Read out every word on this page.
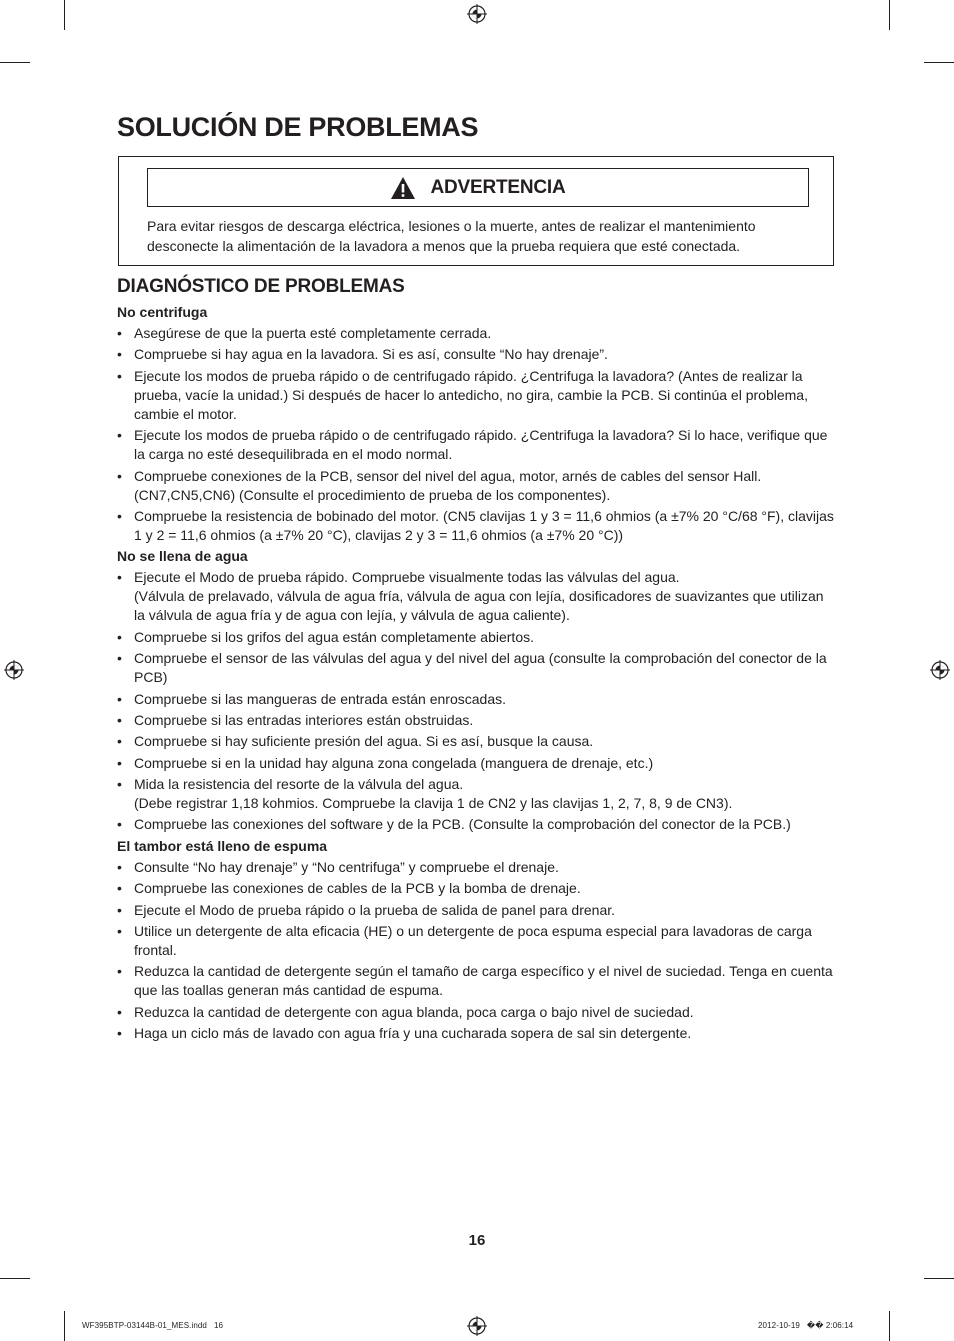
SOLUCIÓN DE PROBLEMAS
ADVERTENCIA

Para evitar riesgos de descarga eléctrica, lesiones o la muerte, antes de realizar el mantenimiento desconecte la alimentación de la lavadora a menos que la prueba requiera que esté conectada.

DIAGNÓSTICO DE PROBLEMAS

No centrifuga

• Asegúrese de que la puerta esté completamente cerrada.
• Compruebe si hay agua en la lavadora. Si es así, consulte “No hay drenaje”.
• Ejecute los modos de prueba rápido o de centrifugado rápido. ¿Centrifuga la lavadora? (Antes de realizar la prueba, vacíe la unidad.) Si después de hacer lo antedicho, no gira, cambie la PCB. Si continúa el problema, cambie el motor.
• Ejecute los modos de prueba rápido o de centrifugado rápido. ¿Centrifuga la lavadora? Si lo hace, verifique que la carga no esté desequilibrada en el modo normal.
• Compruebe conexiones de la PCB, sensor del nivel del agua, motor, arnés de cables del sensor Hall.
(CN7,CN5,CN6) (Consulte el procedimiento de prueba de los componentes).
• Compruebe la resistencia de bobinado del motor. (CN5 clavijas 1 y 3 = 11,6 ohmios (a ±7% 20 °C/68 °F), clavijas 1 y 2 = 11,6 ohmios (a ±7% 20 °C), clavijas 2 y 3 = 11,6 ohmios (a ±7% 20 °C))

No se llena de agua

• Ejecute el Modo de prueba rápido. Compruebe visualmente todas las válvulas del agua.
(Válvula de prelavado, válvula de agua fría, válvula de agua con lejía, dosificadores de suavizantes que utilizan la válvula de agua fría y de agua con lejía, y válvula de agua caliente).
• Compruebe si los grifos del agua están completamente abiertos.
• Compruebe el sensor de las válvulas del agua y del nivel del agua (consulte la comprobación del conector de la PCB)
• Compruebe si las mangueras de entrada están enroscadas.
• Compruebe si las entradas interiores están obstruidas.
• Compruebe si hay suficiente presión del agua. Si es así, busque la causa.
• Compruebe si en la unidad hay alguna zona congelada (manguera de drenaje, etc.)
• Mida la resistencia del resorte de la válvula del agua.
(Debe registrar 1,18 kohmios. Compruebe la clavija 1 de CN2 y las clavijas 1, 2, 7, 8, 9 de CN3).
• Compruebe las conexiones del software y de la PCB. (Consulte la comprobación del conector de la PCB.)

El tambor está lleno de espuma

• Consulte “No hay drenaje” y “No centrifuga” y compruebe el drenaje.
• Compruebe las conexiones de cables de la PCB y la bomba de drenaje.
• Ejecute el Modo de prueba rápido o la prueba de salida de panel para drenar.
• Utilice un detergente de alta eficacia (HE) o un detergente de poca espuma especial para lavadoras de carga frontal.
• Reduzca la cantidad de detergente según el tamaño de carga específico y el nivel de suciedad. Tenga en cuenta que las toallas generan más cantidad de espuma.
• Reduzca la cantidad de detergente con agua blanda, poca carga o bajo nivel de suciedad.
• Haga un ciclo más de lavado con agua fría y una cucharada sopera de sal sin detergente.
16
WF395BTP-03144B-01_MES.indd   16	2012-10-19   �� 2:06:14
